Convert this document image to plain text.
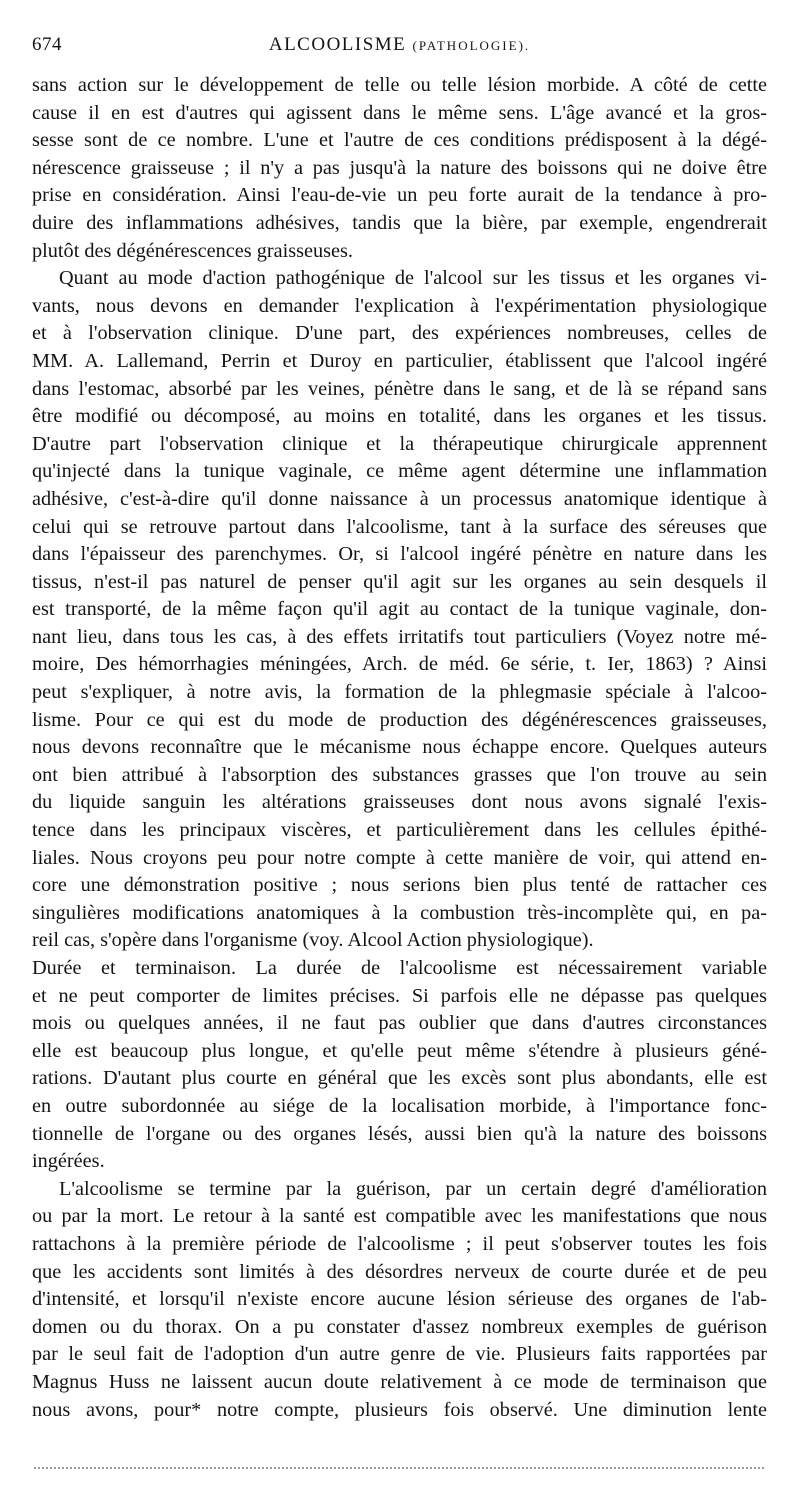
674	ALCOOLISME (PATHOLOGIE).
sans action sur le développement de telle ou telle lésion morbide. A côté de cette
cause il en est d'autres qui agissent dans le même sens. L'âge avancé et la gros-
sesse sont de ce nombre. L'une et l'autre de ces conditions prédisposent à la dégé-
nérescence graisseuse ; il n'y a pas jusqu'à la nature des boissons qui ne doive être
prise en considération. Ainsi l'eau-de-vie un peu forte aurait de la tendance à pro-
duire des inflammations adhésives, tandis que la bière, par exemple, engendrerait
plutôt des dégénérescences graisseuses.
Quant au mode d'action pathogénique de l'alcool sur les tissus et les organes vi-
vants, nous devons en demander l'explication à l'expérimentation physiologique
et à l'observation clinique. D'une part, des expériences nombreuses, celles de
MM. A. Lallemand, Perrin et Duroy en particulier, établissent que l'alcool ingéré
dans l'estomac, absorbé par les veines, pénètre dans le sang, et de là se répand sans
être modifié ou décomposé, au moins en totalité, dans les organes et les tissus.
D'autre part l'observation clinique et la thérapeutique chirurgicale apprennent
qu'injecté dans la tunique vaginale, ce même agent détermine une inflammation
adhésive, c'est-à-dire qu'il donne naissance à un processus anatomique identique à
celui qui se retrouve partout dans l'alcoolisme, tant à la surface des séreuses que
dans l'épaisseur des parenchymes. Or, si l'alcool ingéré pénètre en nature dans les
tissus, n'est-il pas naturel de penser qu'il agit sur les organes au sein desquels il
est transporté, de la même façon qu'il agit au contact de la tunique vaginale, don-
nant lieu, dans tous les cas, à des effets irritatifs tout particuliers (Voyez notre mé-
moire, Des hémorrhagies méningées, Arch. de méd. 6e série, t. Ier, 1863) ? Ainsi
peut s'expliquer, à notre avis, la formation de la phlegmasie spéciale à l'alcoo-
lisme. Pour ce qui est du mode de production des dégénérescences graisseuses,
nous devons reconnaître que le mécanisme nous échappe encore. Quelques auteurs
ont bien attribué à l'absorption des substances grasses que l'on trouve au sein
du liquide sanguin les altérations graisseuses dont nous avons signalé l'exis-
tence dans les principaux viscères, et particulièrement dans les cellules épithé-
liales. Nous croyons peu pour notre compte à cette manière de voir, qui attend en-
core une démonstration positive ; nous serions bien plus tenté de rattacher ces
singulières modifications anatomiques à la combustion très-incomplète qui, en pa-
reil cas, s'opère dans l'organisme (voy. Alcool Action physiologique).
Durée et terminaison. La durée de l'alcoolisme est nécessairement variable
et ne peut comporter de limites précises. Si parfois elle ne dépasse pas quelques
mois ou quelques années, il ne faut pas oublier que dans d'autres circonstances
elle est beaucoup plus longue, et qu'elle peut même s'étendre à plusieurs géné-
rations. D'autant plus courte en général que les excès sont plus abondants, elle est
en outre subordonnée au siége de la localisation morbide, à l'importance fonc-
tionnelle de l'organe ou des organes lésés, aussi bien qu'à la nature des boissons
ingérées.
L'alcoolisme se termine par la guérison, par un certain degré d'amélioration
ou par la mort. Le retour à la santé est compatible avec les manifestations que nous
rattachons à la première période de l'alcoolisme ; il peut s'observer toutes les fois
que les accidents sont limités à des désordres nerveux de courte durée et de peu
d'intensité, et lorsqu'il n'existe encore aucune lésion sérieuse des organes de l'ab-
domen ou du thorax. On a pu constater d'assez nombreux exemples de guérison
par le seul fait de l'adoption d'un autre genre de vie. Plusieurs faits rapportées par
Magnus Huss ne laissent aucun doute relativement à ce mode de terminaison que
nous avons, pour* notre compte, plusieurs fois observé. Une diminution lente
